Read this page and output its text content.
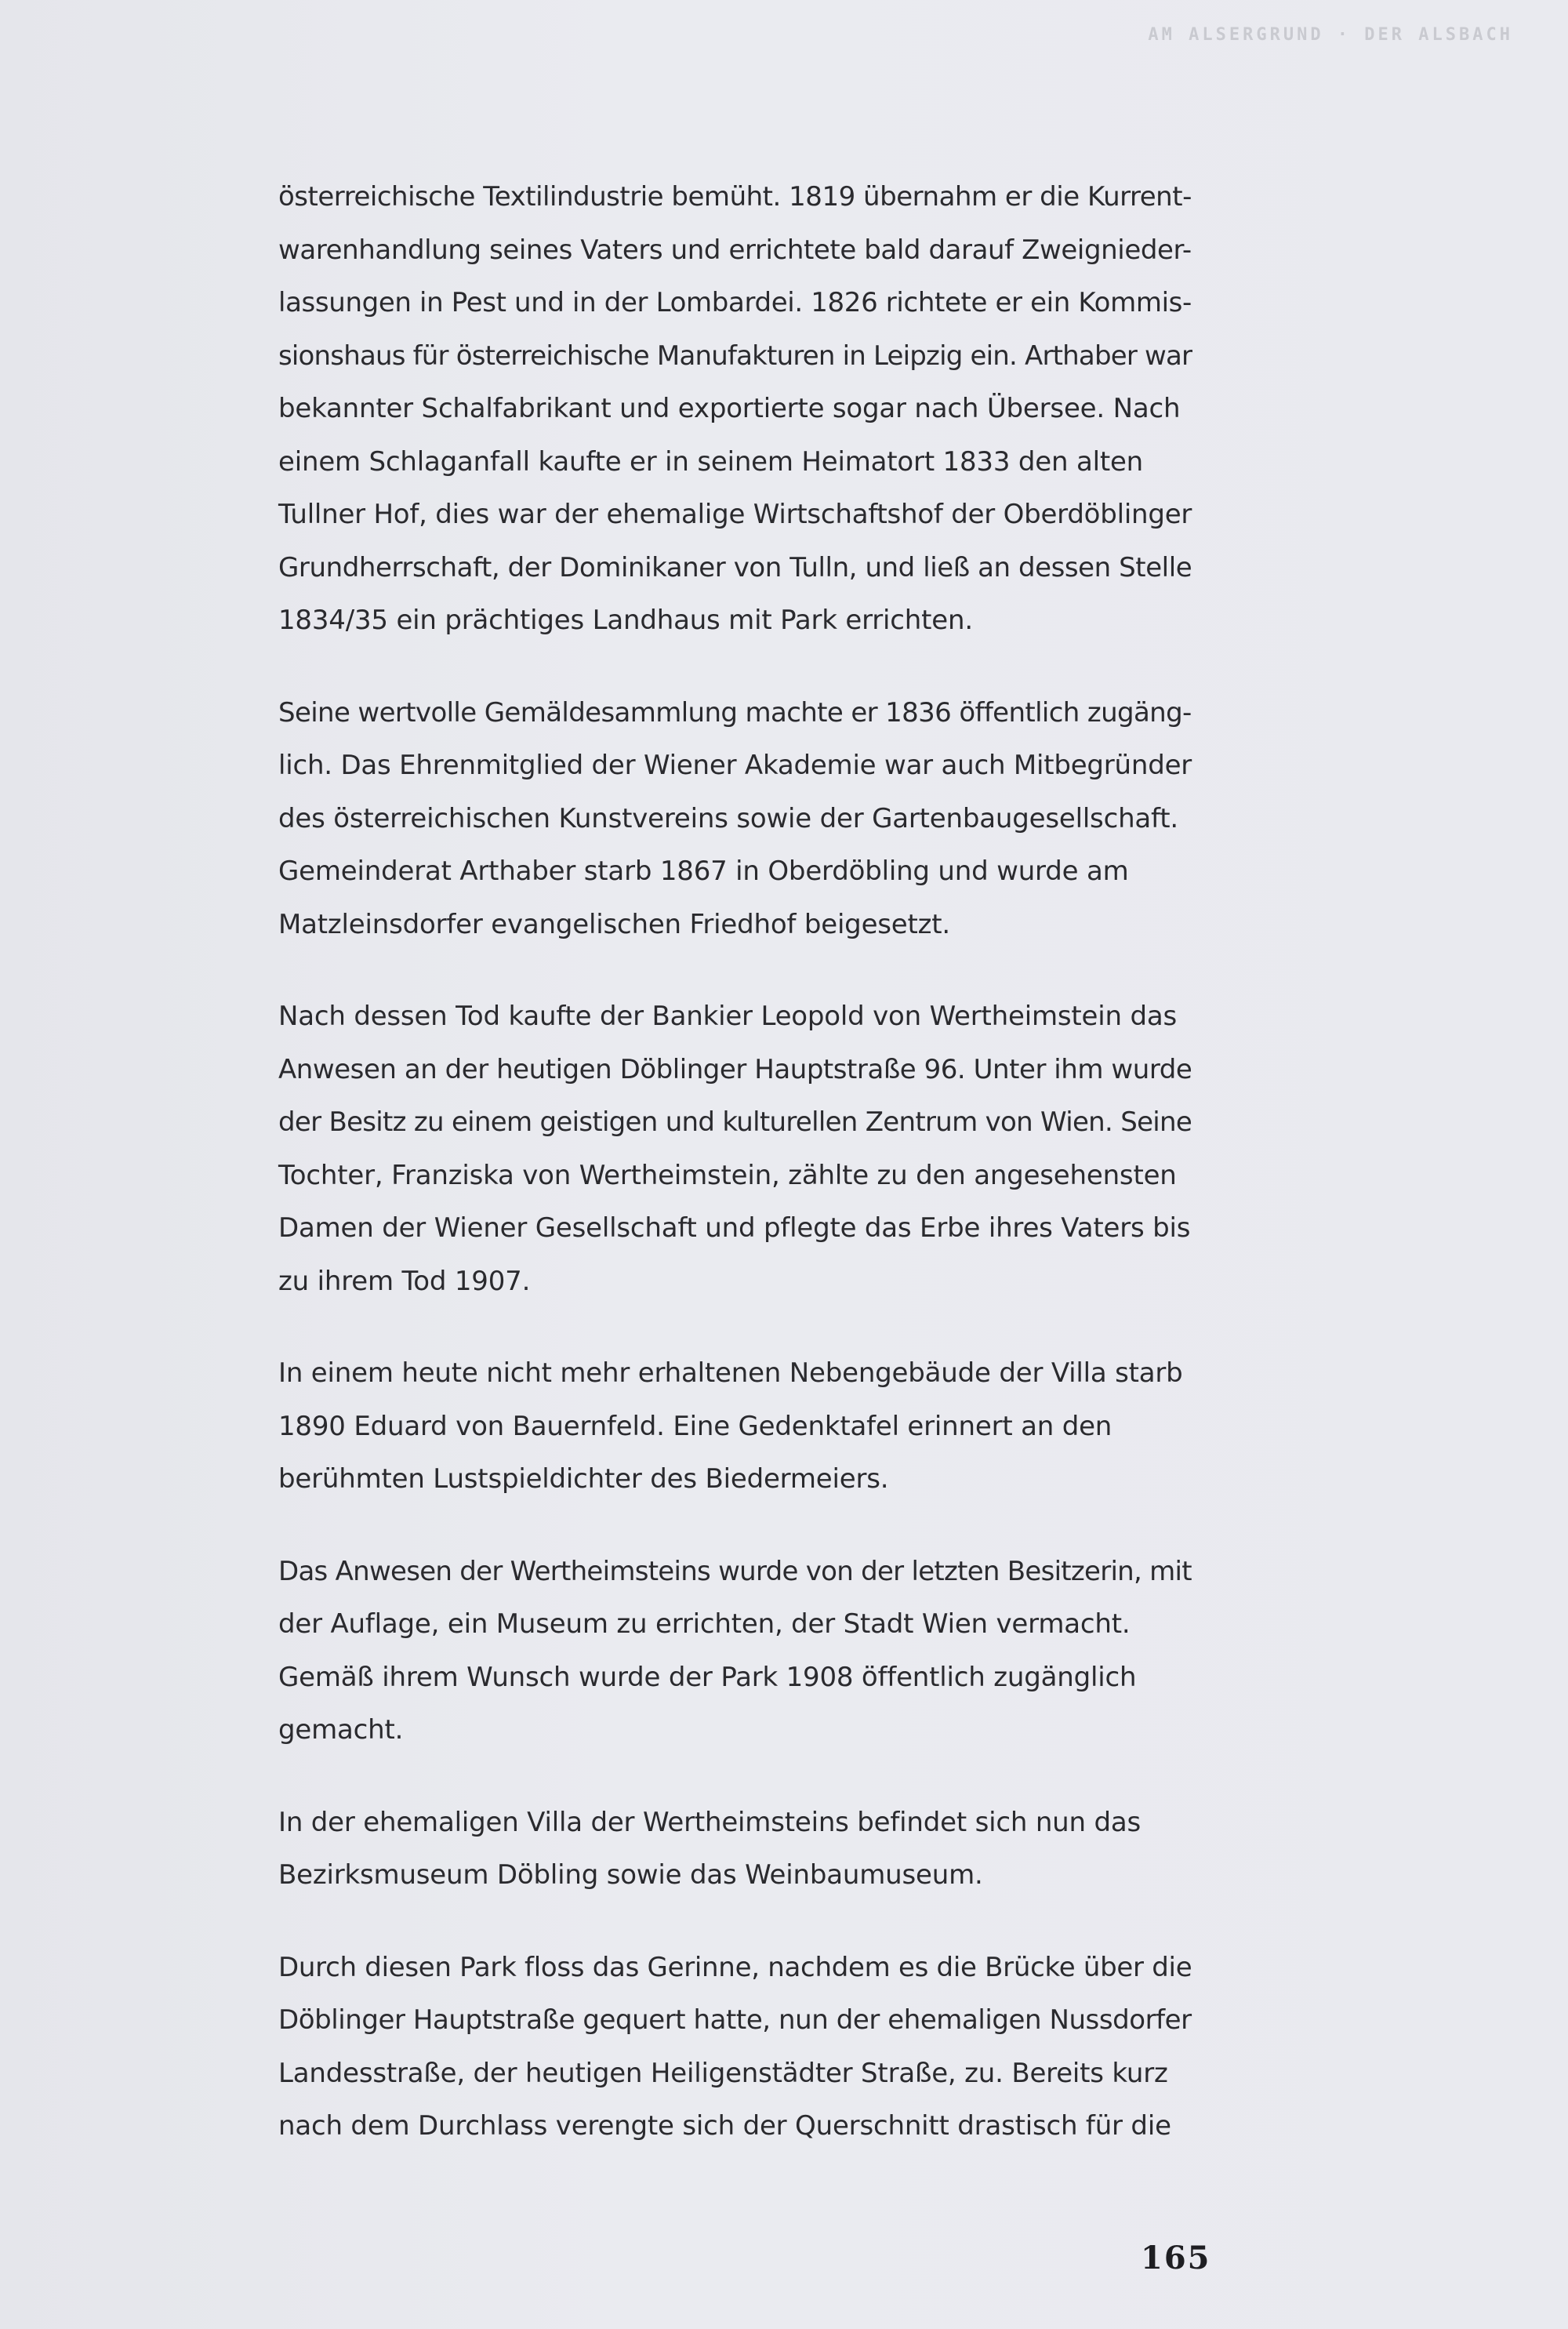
AM ALSERGRUND · DER ALSBACH
österreichische Textilindustrie bemüht. 1819 übernahm er die Kurrent-
warenhandlung seines Vaters und errichtete bald darauf Zweignieder-
lassungen in Pest und in der Lombardei. 1826 richtete er ein Kommis-
sionshaus für österreichische Manufakturen in Leipzig ein. Arthaber war
bekannter Schalfabrikant und exportierte sogar nach Übersee. Nach
einem Schlaganfall kaufte er in seinem Heimatort 1833 den alten
Tullner Hof, dies war der ehemalige Wirtschaftshof der Oberdöblinger
Grundherrschaft, der Dominikaner von Tulln, und ließ an dessen Stelle
1834/35 ein prächtiges Landhaus mit Park errichten.
Seine wertvolle Gemäldesammlung machte er 1836 öffentlich zugäng-
lich. Das Ehrenmitglied der Wiener Akademie war auch Mitbegründer
des österreichischen Kunstvereins sowie der Gartenbaugesellschaft.
Gemeinderat Arthaber starb 1867 in Oberdöbling und wurde am
Matzleinsdorfer evangelischen Friedhof beigesetzt.
Nach dessen Tod kaufte der Bankier Leopold von Wertheimstein das
Anwesen an der heutigen Döblinger Hauptstraße 96. Unter ihm wurde
der Besitz zu einem geistigen und kulturellen Zentrum von Wien. Seine
Tochter, Franziska von Wertheimstein, zählte zu den angesehensten
Damen der Wiener Gesellschaft und pflegte das Erbe ihres Vaters bis
zu ihrem Tod 1907.
In einem heute nicht mehr erhaltenen Nebengebäude der Villa starb
1890 Eduard von Bauernfeld. Eine Gedenktafel erinnert an den
berühmten Lustspieldichter des Biedermeiers.
Das Anwesen der Wertheimsteins wurde von der letzten Besitzerin, mit
der Auflage, ein Museum zu errichten, der Stadt Wien vermacht.
Gemäß ihrem Wunsch wurde der Park 1908 öffentlich zugänglich
gemacht.
In der ehemaligen Villa der Wertheimsteins befindet sich nun das
Bezirksmuseum Döbling sowie das Weinbaumuseum.
Durch diesen Park floss das Gerinne, nachdem es die Brücke über die
Döblinger Hauptstraße gequert hatte, nun der ehemaligen Nussdorfer
Landesstraße, der heutigen Heiligenstädter Straße, zu. Bereits kurz
nach dem Durchlass verengte sich der Querschnitt drastisch für die
165
